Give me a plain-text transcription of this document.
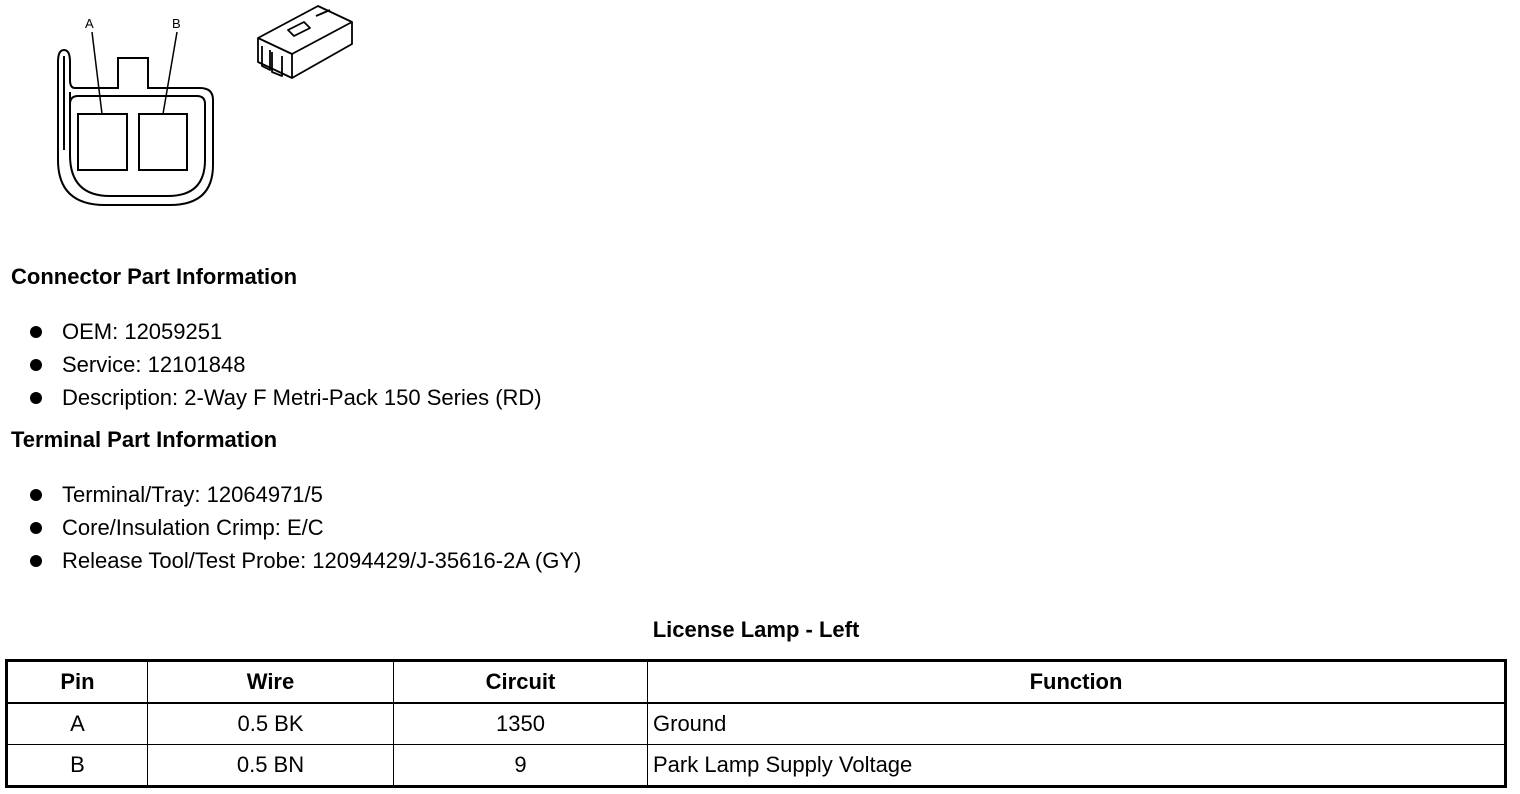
A	B
Connector Part Information
OEM: 12059251
Service: 12101848
Description: 2-Way F Metri-Pack 150 Series (RD)
Terminal Part Information
Terminal/Tray: 12064971/5
Core/Insulation Crimp: E/C
Release Tool/Test Probe: 12094429/J-35616-2A (GY)
License Lamp - Left
Pin	Wire	Circuit	Function
A	0.5 BK	1350	Ground
B	0.5 BN	9	Park Lamp Supply Voltage
